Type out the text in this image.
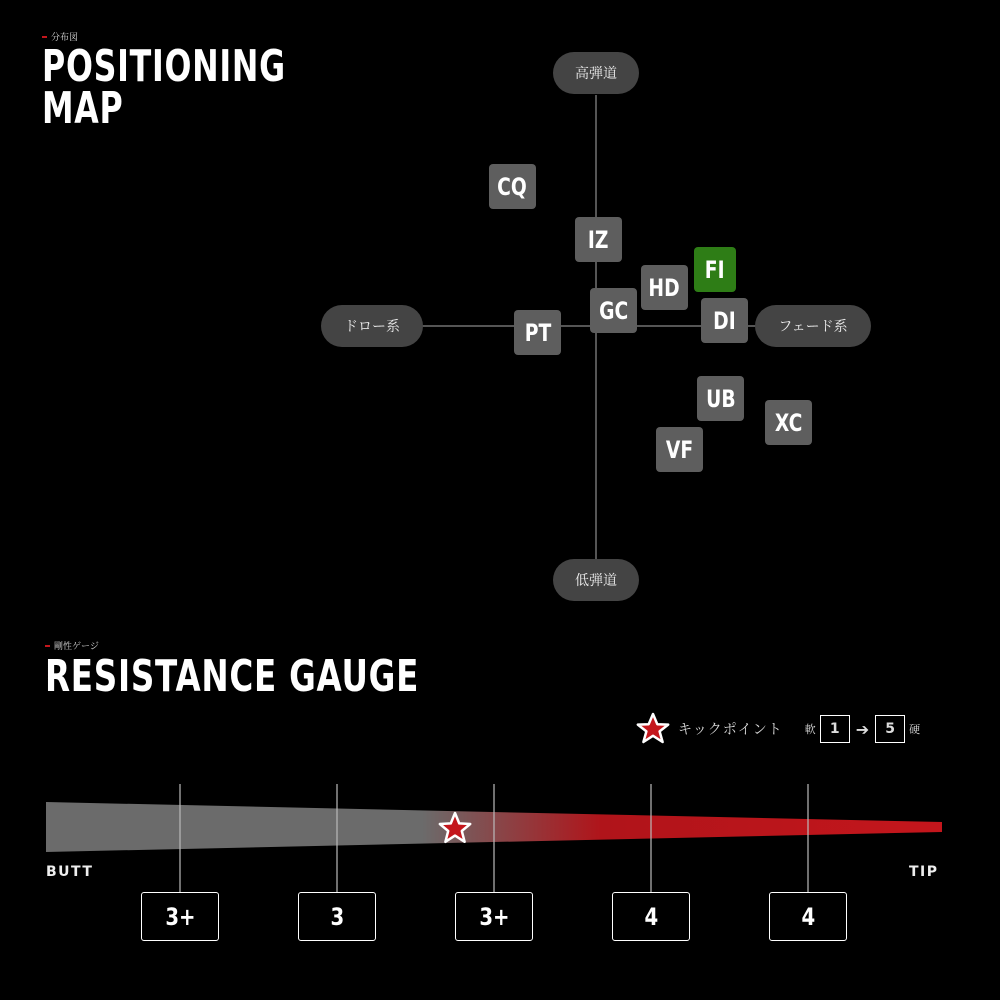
分布図
POSITIONING
MAP
高弾道
低弾道
ドロー系	フェード系
CQ
IZ
FI
HD
GC	DI
PT
UB
XC
VF
剛性ゲージ
RESISTANCE GAUGE
キックポイント 軟	1	➔	5	硬
BUTT	TIP
3+	3	3+	4	4
